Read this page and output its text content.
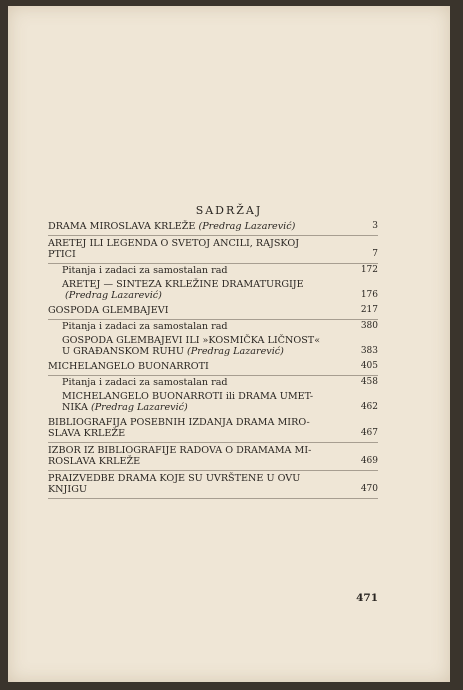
SADRŽAJ
DRAMA MIROSLAVA KRLEŽE (Predrag Lazarević)	3
ARETEJ ILI LEGENDA O SVETOJ ANCILI, RAJSKOJ
PTICI	7
Pitanja i zadaci za samostalan rad	172
ARETEJ — SINTEZA KRLEŽINE DRAMATURGIJE (Predrag Lazarević)	176
GOSPODA GLEMBAJEVI	217
Pitanja i zadaci za samostalan rad	380
GOSPODA GLEMBAJEVI ILI »KOSMIČKA LIČNOST«
U GRAĐANSKOM RUHU (Predrag Lazarević)	383
MICHELANGELO BUONARROTI	405
Pitanja i zadaci za samostalan rad	458
MICHELANGELO BUONARROTI ili DRAMA UMET-
NIKA (Predrag Lazarević)	462
BIBLIOGRAFIJA POSEBNIH IZDANJA DRAMA MIRO-
SLAVA KRLEŽE	467
IZBOR IZ BIBLIOGRAFIJE RADOVA O DRAMAMA MI-
ROSLAVA KRLEŽE	469
PRAIZVEDBE DRAMA KOJE SU UVRŠTENE U OVU
KNJIGU	470
471
